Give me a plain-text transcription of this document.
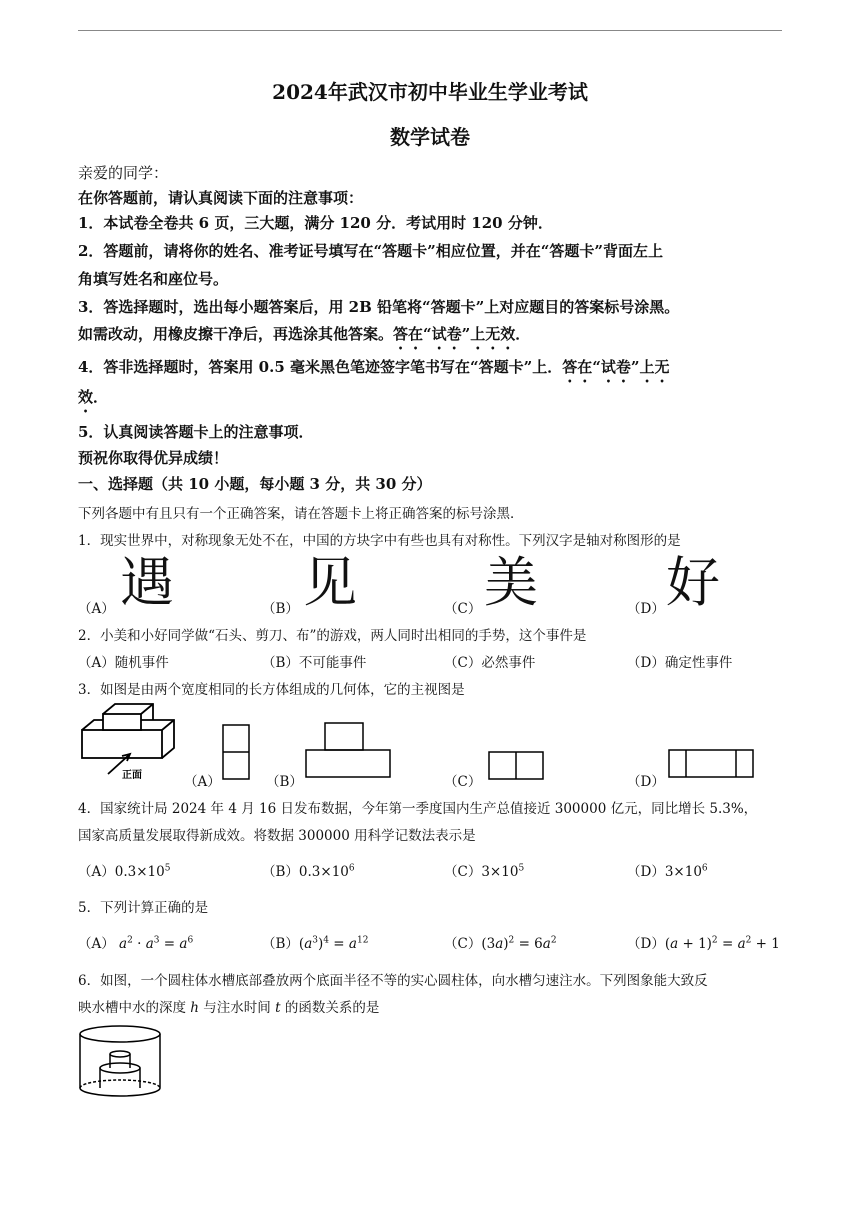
2024年武汉市初中毕业生学业考试
数学试卷
亲爱的同学：
在你答题前，请认真阅读下面的注意事项：
1．本试卷全卷共 6 页，三大题，满分 120 分．考试用时 120 分钟．
2．答题前，请将你的姓名、准考证号填写在“答题卡”相应位置，并在“答题卡”背面左上
角填写姓名和座位号。
3．答选择题时，选出每小题答案后，用 2B 铅笔将“答题卡”上对应题目的答案标号涂黑。
如需改动，用橡皮擦干净后，再选涂其他答案。答在“试卷”上无效．
4．答非选择题时，答案用 0.5 毫米黑色笔迹签字笔书写在“答题卡”上．答在“试卷”上无
效．
5．认真阅读答题卡上的注意事项．
预祝你取得优异成绩！
一、选择题（共 10 小题，每小题 3 分，共 30 分）
下列各题中有且只有一个正确答案，请在答题卡上将正确答案的标号涂黑．
1．现实世界中，对称现象无处不在，中国的方块字中有些也具有对称性。下列汉字是轴对称图形的是
（A） 遇	（B） 见	（C） 美	（D） 好
2．小美和小好同学做“石头、剪刀、布”的游戏，两人同时出相同的手势，这个事件是
（A）随机事件	（B）不可能事件	（C）必然事件	（D）确定性事件
3．如图是由两个宽度相同的长方体组成的几何体，它的主视图是
正面	（A）	（B）	（C）	（D）
4．国家统计局 2024 年 4 月 16 日发布数据，今年第一季度国内生产总值接近 300000 亿元，同比增长 5.3%，
国家高质量发展取得新成效。将数据 300000 用科学记数法表示是
$(A)0.3\times 10^5$	$(B)0.3\times 10^6$	$(C)3\times 10^5$	$(D)3\times 10^6$
5．下列计算正确的是
（A） $a^2 \cdot a^3 = a^6$	$(B)(a^3)^4 = a^{12}$	$(C)(3a)^2 = 6a^2$	$(D)(a + 1)^2 = a^2 + 1$
6．如图，一个圆柱体水槽底部叠放两个底面半径不等的实心圆柱体，向水槽匀速注水。下列图象能大致反
映水槽中水的深度 h 与注水时间 t 的函数关系的是
